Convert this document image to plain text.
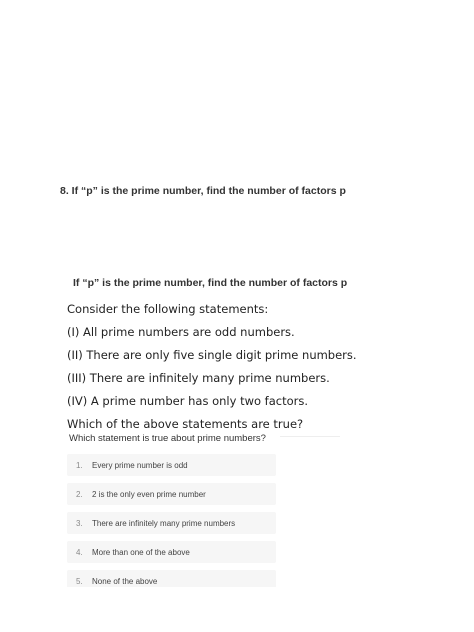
8. If “p” is the prime number, find the number of factors p
If “p” is the prime number, find the number of factors p
Consider the following statements:
(I) All prime numbers are odd numbers.
(II) There are only five single digit prime numbers.
(III) There are infinitely many prime numbers.
(IV) A prime number has only two factors.
Which of the above statements are true?
Which statement is true about prime numbers?
1.	Every prime number is odd
2.	2 is the only even prime number
3.	There are infinitely many prime numbers
4.	More than one of the above
5.	None of the above
